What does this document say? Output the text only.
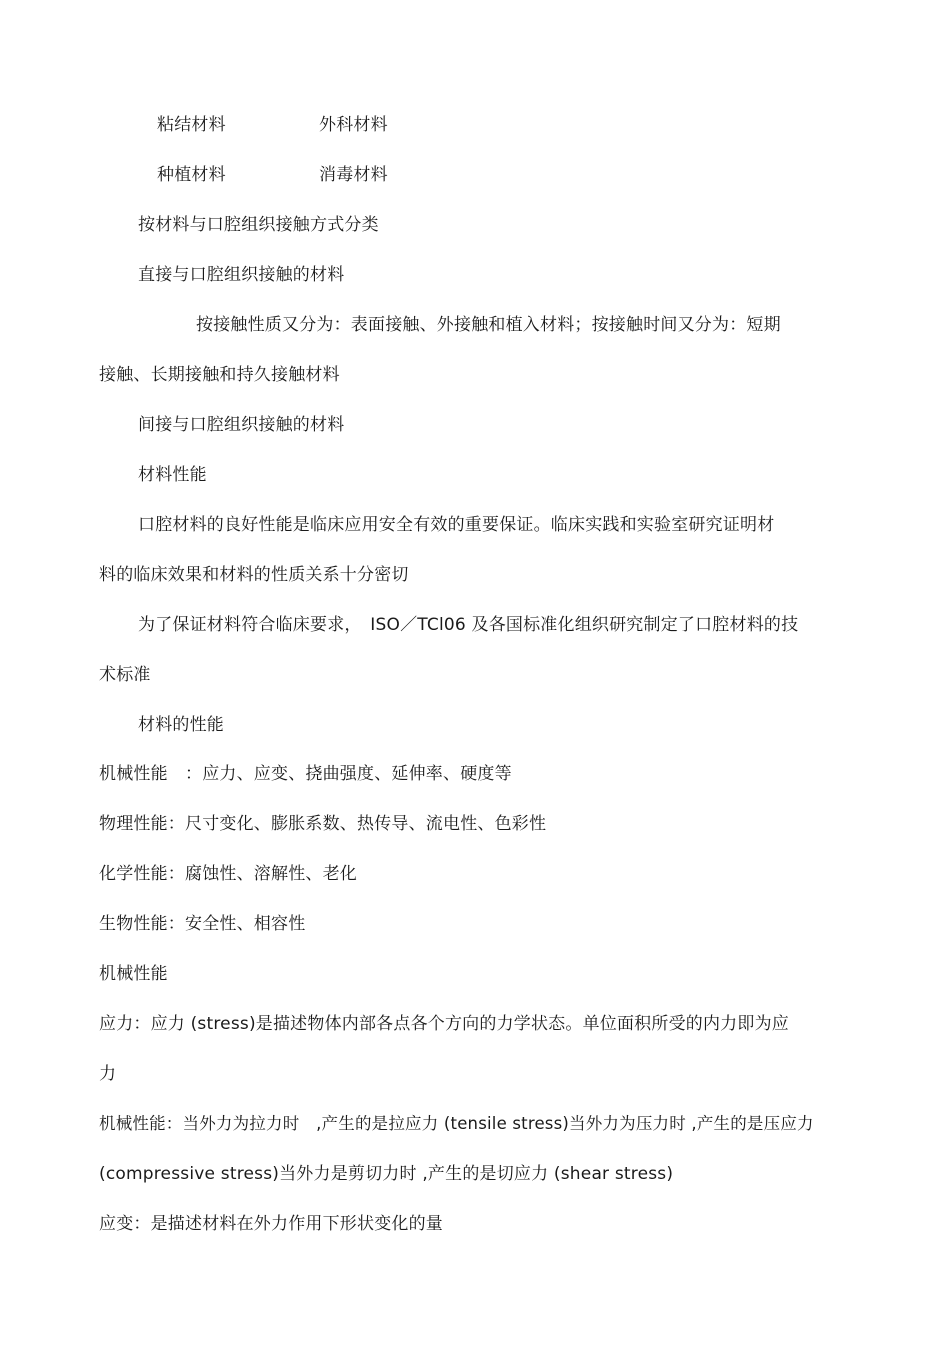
粘结材料	外科材料
种植材料	消毒材料
按材料与口腔组织接触方式分类
直接与口腔组织接触的材料
按接触性质又分为：表面接触、外接触和植入材料；按接触时间又分为：短期
接触、长期接触和持久接触材料
间接与口腔组织接触的材料
材料性能
口腔材料的良好性能是临床应用安全有效的重要保证。临床实践和实验室研究证明材
料的临床效果和材料的性质关系十分密切
为了保证材料符合临床要求，　ISO／TCl06 及各国标准化组织研究制定了口腔材料的技
术标准
材料的性能
机械性能　：应力、应变、挠曲强度、延伸率、硬度等
物理性能：尺寸变化、膨胀系数、热传导、流电性、色彩性
化学性能：腐蚀性、溶解性、老化
生物性能：安全性、相容性
机械性能
应力：应力 (stress)是描述物体内部各点各个方向的力学状态。单位面积所受的内力即为应
力
机械性能：当外力为拉力时　,产生的是拉应力 (tensile stress)当外力为压力时 ,产生的是压应力
(compressive stress)当外力是剪切力时 ,产生的是切应力 (shear stress)
应变：是描述材料在外力作用下形状变化的量
